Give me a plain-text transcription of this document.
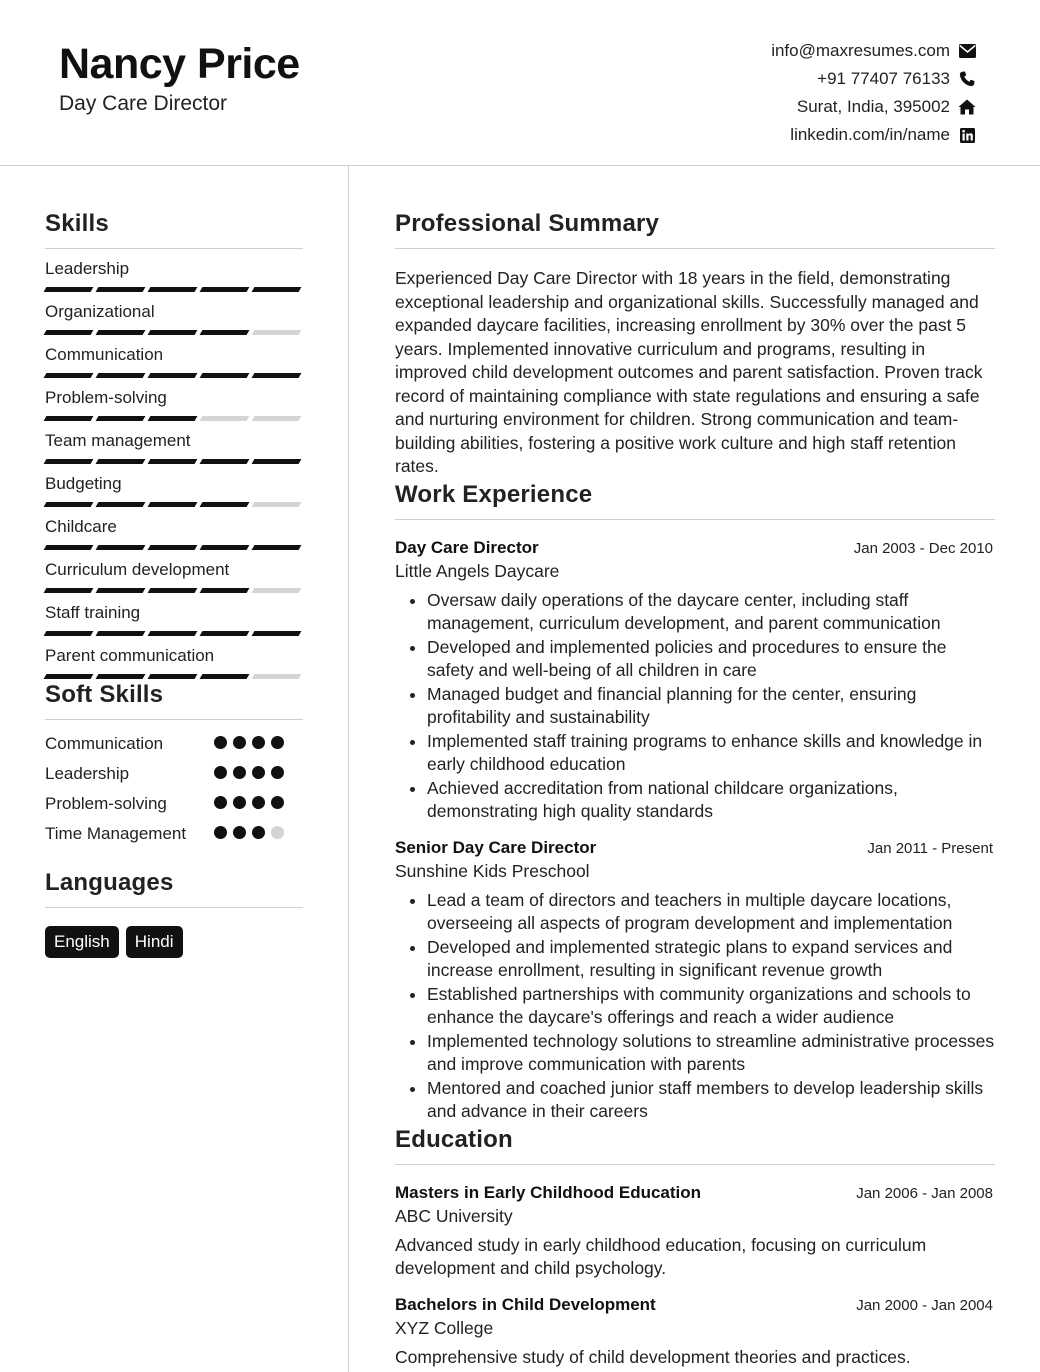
Nancy Price
Day Care Director
info@maxresumes.com
+91 77407 76133
Surat, India, 395002
linkedin.com/in/name
Skills
Leadership
Organizational
Communication
Problem-solving
Team management
Budgeting
Childcare
Curriculum development
Staff training
Parent communication
Soft Skills
Communication
Leadership
Problem-solving
Time Management
Languages
English	Hindi
Professional Summary
Experienced Day Care Director with 18 years in the field, demonstrating exceptional leadership and organizational skills. Successfully managed and expanded daycare facilities, increasing enrollment by 30% over the past 5 years. Implemented innovative curriculum and programs, resulting in improved child development outcomes and parent satisfaction. Proven track record of maintaining compliance with state regulations and ensuring a safe and nurturing environment for children. Strong communication and team-building abilities, fostering a positive work culture and high staff retention rates.
Work Experience
Day Care Director	Jan 2003 - Dec 2010
Little Angels Daycare
• Oversaw daily operations of the daycare center, including staff management, curriculum development, and parent communication
• Developed and implemented policies and procedures to ensure the safety and well-being of all children in care
• Managed budget and financial planning for the center, ensuring profitability and sustainability
• Implemented staff training programs to enhance skills and knowledge in early childhood education
• Achieved accreditation from national childcare organizations, demonstrating high quality standards
Senior Day Care Director	Jan 2011 - Present
Sunshine Kids Preschool
• Lead a team of directors and teachers in multiple daycare locations, overseeing all aspects of program development and implementation
• Developed and implemented strategic plans to expand services and increase enrollment, resulting in significant revenue growth
• Established partnerships with community organizations and schools to enhance the daycare's offerings and reach a wider audience
• Implemented technology solutions to streamline administrative processes and improve communication with parents
• Mentored and coached junior staff members to develop leadership skills and advance in their careers
Education
Masters in Early Childhood Education	Jan 2006 - Jan 2008
ABC University
Advanced study in early childhood education, focusing on curriculum development and child psychology.
Bachelors in Child Development	Jan 2000 - Jan 2004
XYZ College
Comprehensive study of child development theories and practices.
